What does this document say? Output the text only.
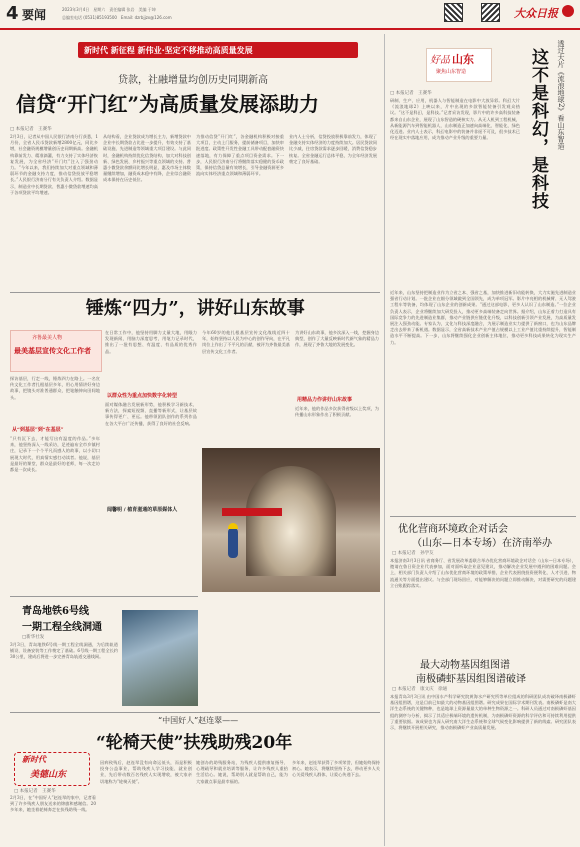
4 要闻	2023年3月4日　星期六　责任编辑 张岩　美编 于坤
总编室电话 (0531)85193500　Email: dzrbjjzx@126.com	大众日报
新时代 新征程 新伟业·坚定不移推动高质量发展
贷款，社融增量均创历史同期新高
信贷“开门红”为高质量发展添助力
□ 本报记者　王赛华
2月3日，记者从中国人民银行济南分行获悉，1月份，全省人民币贷款新增2800亿元，同比多增，社会融资规模增量创历史同期新高。金融机构靠前发力、精准滴灌，有力支持了实体经济恢复发展，为全省经济“开门红”注入了强劲动力。“今年以来，我们持续加大对重点领域和薄弱环节的金融支持力度，推动信贷投放平稳增长。”人民银行济南分行有关负责人介绍。数据显示，制造业中长期贷款、普惠小微贷款增速均高于各项贷款平均增速。
从结构看，企业贷款成为增长主力，新增贷款中企业中长期贷款占比进一步提升，有效支持了基础设施、先进制造等领域重大项目建设。与此同时，金融机构持续优化信贷结构，加大对科技创新、绿色发展、乡村振兴等重点领域的支持。普惠小微贷款余额同比增长明显，惠及市场主体数量继续增加，融资成本稳中有降，企业综合融资成本保持在历史低位。
为推动信贷“开门红”，各金融机构积极对接重大项目，主动上门服务，提前储备项目，加快审批进度。政策性开发性金融工具带动配套融资快速落地，有力保障了重点项目资金需求。下一步，人民银行济南分行将继续落实稳健的货币政策，保持信贷总量有效增长，引导金融资源更多流向实体经济重点领域和薄弱环节。
业内人士分析，信贷投放积极靠前发力，体现了金融支持实体经济的力度持续加大。居民贷款同比少减，住房贷款需求逐步回暖，消费信贷稳步恢复。全省金融运行总体平稳，为全年经济发展奠定了良好基础。
锤炼“四力”，讲好山东故事
齐鲁最美人物
最美基层宣传文化工作者
探访基层，行走一线，锤炼四力在路上。一名宣传文化工作者扎根基层多年，用心用情讲好身边故事，把镜头对准普通群众，把笔触伸向田间地头。
从“到基层”到“在基层”
“只有沉下去，才能写出有温度的作品。”多年来，他坚持深入一线采访，足迹遍布全市乡镇村庄，记录下一个个平凡而感人的故事，以小切口展现大时代，用真情实感打动读者。他说，基层是最好的课堂，群众是最好的老师，每一次走访都是一次成长。
在日常工作中，他坚持用脚力丈量大地，用眼力发现新闻，用脑力深度思考，用笔力记录时代，推出了一批有思想、有温度、有品质的优秀作品。
以群众性为重点加快数字化转型
面对媒体融合发展新形势，他积极学习新技术、新方法，探索短视频、直播等新形式，让基层故事传得更广、更远。他带领团队创作的系列作品在各大平台广泛传播，获得了良好的社会反响。
闻馨明 / 植育滋通的草原媒体人
今年60岁的他扎根基层宣传文化战线近四十年，始终坚持以人民为中心的创作导向，在平凡岗位上作出了不平凡的贡献，被评为齐鲁最美基层宣传文化工作者。
用精品力作讲好山东故事
为讲好山东故事，他多次深入一线，挖掘身边典型，创作了大量反映新时代新气象的精品力作，展现了齐鲁大地的发展变化。
近年来，他的作品多次获得省级以上奖项，为传播山东形象作出了积极贡献。
好品 山东
聚焦山东智造	透过大片《流浪地球2》看山东智造
这不是科幻，是科技
□ 本报记者　王赛华
研制、生产、应用，机器人与智能制造在电影中大放异彩。科幻大片《流浪地球2》上映以来，片中出现的多款智能装备引发观众热议。“这不是科幻，是科技。”记者采访发现，影片中的许多高科技装备都来自山东企业，展现了山东智造的硬核实力。从无人机到工程机械，从新能源汽车到智能机器人，山东制造正加速向高端化、智能化、绿色化迈进。业内人士表示，科幻电影中的装备并非遥不可及，很多技术已经在现实中落地应用，成为推动产业升级的重要力量。
近年来，山东坚持把制造业作为立省之本、强省之基，加快推进新旧动能转换，大力实施先进制造业强省行动计划。一批企业在细分领域做到全国领先，成为单项冠军。影片中亮相的机械臂、无人驾驶工程车等装备，均体现了山东企业的创新成果。“通过这部电影，更多人认识了山东制造。”一位企业负责人表示，企业将继续加大研发投入，推动更多高端装备走向世界。据介绍，山东正着力打造具有国际竞争力的先进制造业集群，推动产业链供应链优化升级，以科技创新引领产业发展，为高质量发展注入强劲动能。专家认为，文化与科技深度融合，为展示制造业实力提供了新窗口，也为山东品牌走出去带来了新机遇。数据显示，全省高新技术产业产值占规模以上工业产值比重持续提升，智能制造水平不断提高。下一步，山东将继续强化企业创新主体地位，推动更多科技成果转化为现实生产力。
优化营商环境政企对话会
（山东—日本专场）在济南举办
□ 本报记者　孙学友
本报济南3月3日讯 省商务厅、省发展改革委联合举办优化营商环境政企对话会（山东—日本专场），邀请在鲁日资企业代表参加，面对面听取企业意见建议，推动解决企业发展中遇到的困难问题。会上，相关部门负责人介绍了山东优化营商环境的政策举措，企业代表围绕投资便利化、人才引进、物流通关等方面提出建议。与会部门现场回应，对能够解决的问题立即推动解决，对需要研究的问题建立台账跟踪落实。
最大动物基因组图谱
南极磷虾基因组图谱破译
□ 本报记者　康文庆　徐通
本报青岛3月3日讯 由中国水产科学研究院黄海水产研究所等单位组成的科研团队成功破译南极磷虾基因组图谱，这是目前已知最大的动物基因组图谱。研究成果在国际学术期刊发表。南极磷虾是南大洋生态系统的关键物种，也是地球上资源量最大的单种生物资源之一。科研人员通过对南极磷虾基因组的测序与分析，揭示了其适应极端环境的遗传机制，为南极磷虾资源的科学评估和可持续利用提供了重要依据。该成果也为深入研究南大洋生态系统和全球气候变化影响提供了新的线索。研究团队表示，将继续开展相关研究，推动南极磷虾产业高质量发展。
青岛地铁6号线
一期工程全线洞通
□新华社发
3月3日，青岛地铁6号线一期工程全线洞通，为后续轨道铺设、设备安装等工作奠定了基础。6号线一期工程全长约30公里，建成后将进一步完善青岛轨道交通线网。
“中国好人”赵连翠——
“轮椅天使”扶残助残20年
新时代
美德山东
□ 本报记者　王赛华
2月3日，在“中国好人”赵连翠的家中，记者看到了许多残疾人朋友送来的锦旗和感谢信。20多年来，她坐着轮椅奔走在扶残助残一线。
因病致残后，赵连翠没有向命运低头，而是积极投身公益事业，帮助残疾人学习技能、就业创业，先后带动数百名残疾人实现增收，被大家亲切地称为“轮椅天使”。
她创办的助残服务站，为残疾人提供康复指导、心理疏导和就业培训等服务，让许多残疾人重拾生活信心。她说，帮助别人就是帮助自己，能为大家做点事是最幸福的。
多年来，赵连翠获得了多项荣誉，但她始终保持初心。她表示，将继续坚持下去，带动更多人关心关爱残疾人群体，让爱心传递下去。
